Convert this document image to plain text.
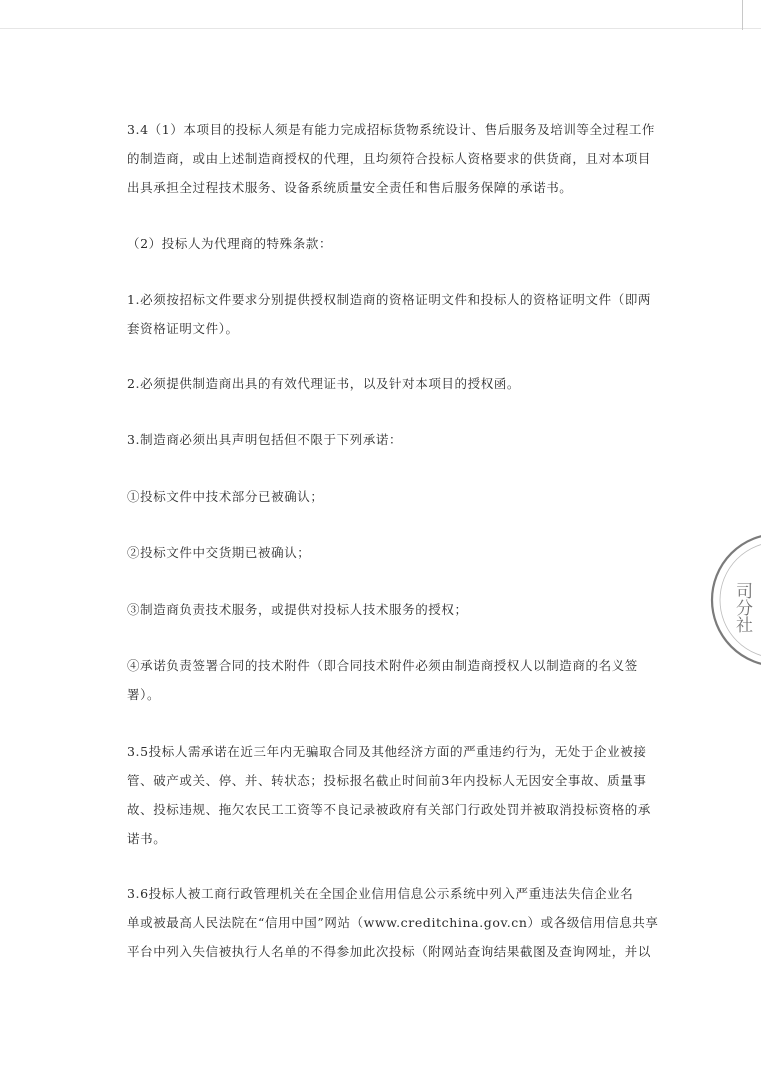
3.4（1）本项目的投标人须是有能力完成招标货物系统设计、售后服务及培训等全过程工作
的制造商，或由上述制造商授权的代理，且均须符合投标人资格要求的供货商，且对本项目
出具承担全过程技术服务、设备系统质量安全责任和售后服务保障的承诺书。

（2）投标人为代理商的特殊条款：

1.必须按招标文件要求分别提供授权制造商的资格证明文件和投标人的资格证明文件（即两
套资格证明文件）。

2.必须提供制造商出具的有效代理证书，以及针对本项目的授权函。

3.制造商必须出具声明包括但不限于下列承诺：

①投标文件中技术部分已被确认；

②投标文件中交货期已被确认；

③制造商负责技术服务，或提供对投标人技术服务的授权；

④承诺负责签署合同的技术附件（即合同技术附件必须由制造商授权人以制造商的名义签
署）。

3.5投标人需承诺在近三年内无骗取合同及其他经济方面的严重违约行为，无处于企业被接
管、破产或关、停、并、转状态；投标报名截止时间前3年内投标人无因安全事故、质量事
故、投标违规、拖欠农民工工资等不良记录被政府有关部门行政处罚并被取消投标资格的承
诺书。

3.6投标人被工商行政管理机关在全国企业信用信息公示系统中列入严重违法失信企业名
单或被最高人民法院在“信用中国”网站（www.creditchina.gov.cn）或各级信用信息共享
平台中列入失信被执行人名单的不得参加此次投标（附网站查询结果截图及查询网址，并以

司分社
